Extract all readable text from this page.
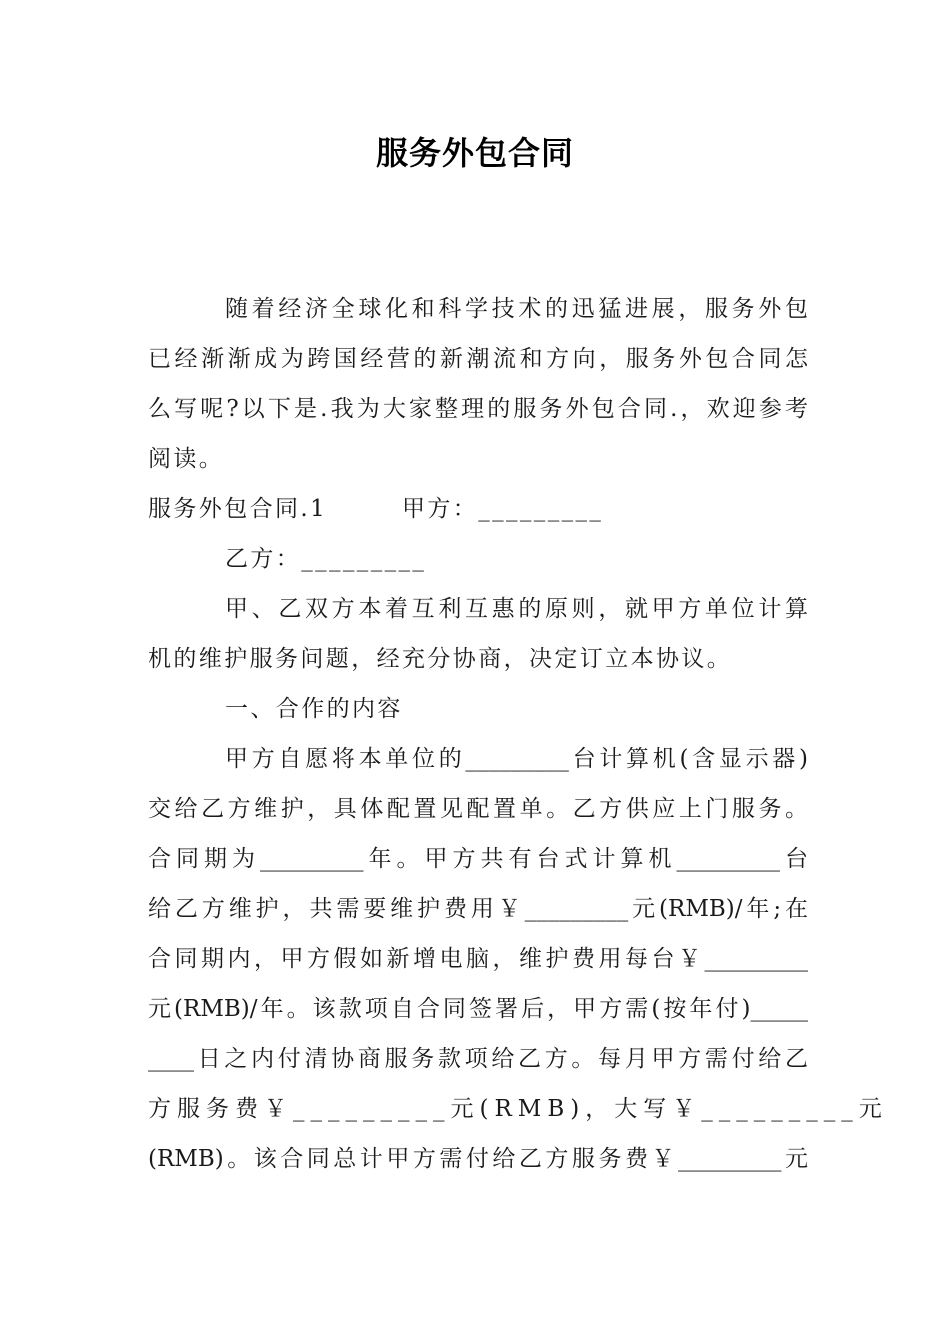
服务外包合同
随着经济全球化和科学技术的迅猛进展，服务外包
已经渐渐成为跨国经营的新潮流和方向，服务外包合同怎
么写呢?以下是.我为大家整理的服务外包合同.，欢迎参考
阅读。
服务外包合同.1	甲方：_________
乙方：_________
甲、乙双方本着互利互惠的原则，就甲方单位计算
机的维护服务问题，经充分协商，决定订立本协议。
一、合作的内容
甲方自愿将本单位的_________台计算机(含显示器)
交给乙方维护，具体配置见配置单。乙方供应上门服务。
合同期为_________年。甲方共有台式计算机_________台
给乙方维护，共需要维护费用￥_________元(RMB)/年;在
合同期内，甲方假如新增电脑，维护费用每台￥_________
元(RMB)/年。该款项自合同签署后，甲方需(按年付)_____
____日之内付清协商服务款项给乙方。每月甲方需付给乙
方服务费￥_________元(RMB)，大写￥_________元
(RMB)。该合同总计甲方需付给乙方服务费￥_________元
